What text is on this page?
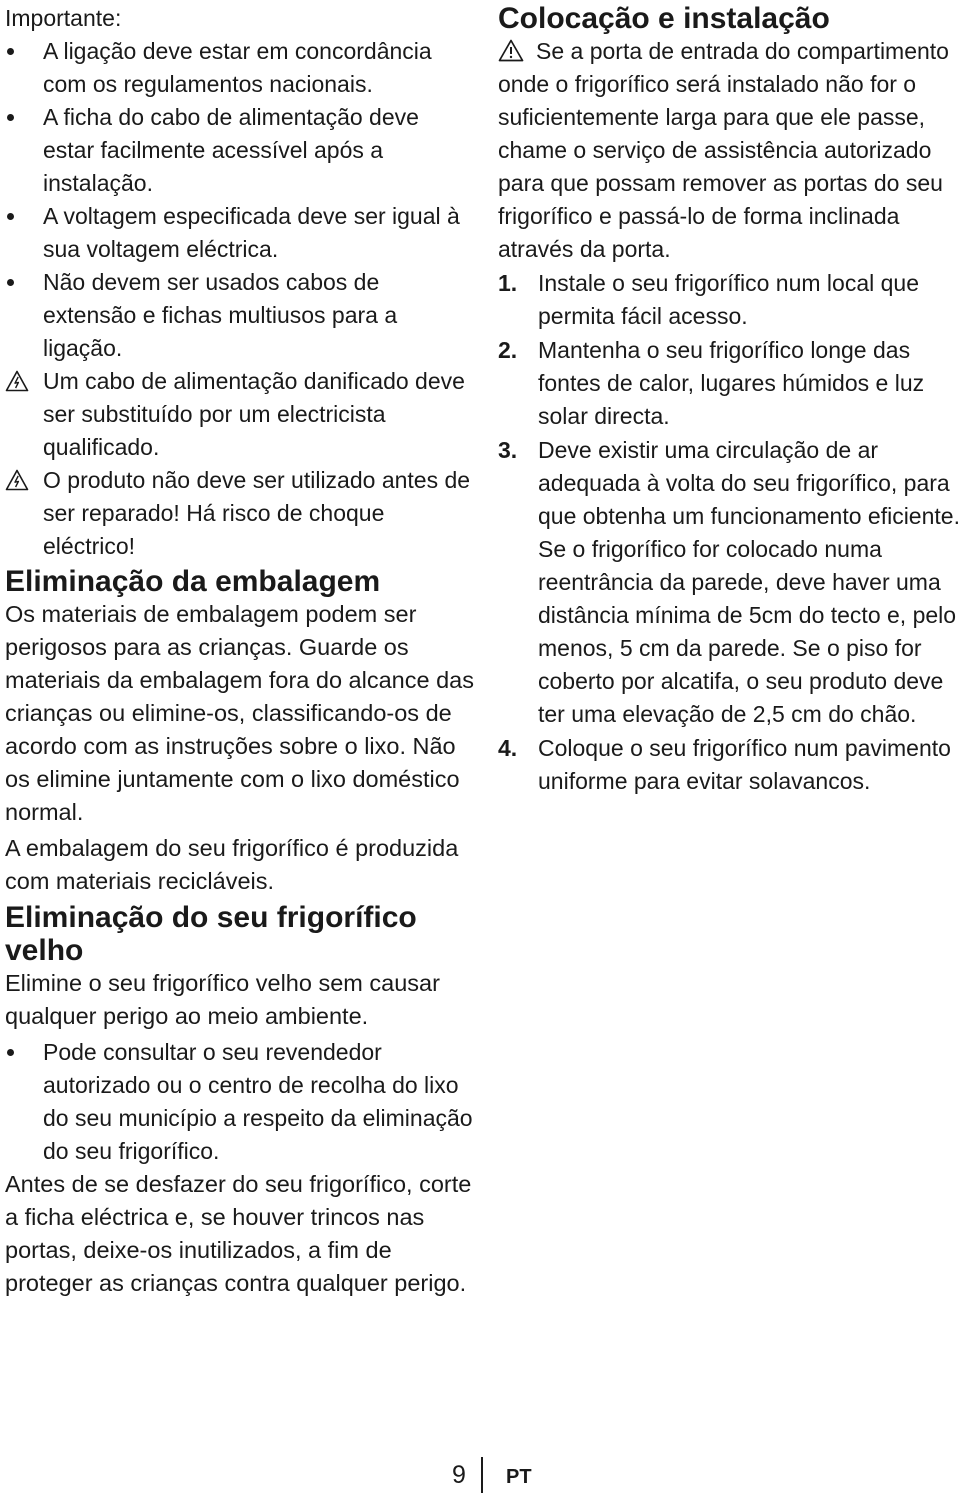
Importante:

A ligação deve estar em concordância com os regulamentos nacionais.
A ficha do cabo de alimentação deve estar facilmente acessível após a instalação.
A voltagem especificada deve ser igual à sua voltagem eléctrica.
Não devem ser usados cabos de extensão e fichas multiusos para a ligação.
Um cabo de alimentação danificado deve ser substituído por um electricista qualificado.
O produto não deve ser utilizado antes de ser reparado! Há risco de choque eléctrico!

Eliminação da embalagem

Os materiais de embalagem podem ser perigosos para as crianças. Guarde os materiais da embalagem fora do alcance das crianças ou elimine-os, classificando-os de acordo com as instruções sobre o lixo. Não os elimine juntamente com o lixo doméstico normal.

A embalagem do seu frigorífico é produzida com materiais recicláveis.

Eliminação do seu frigorífico velho

Elimine o seu frigorífico velho sem causar qualquer perigo ao meio ambiente.

Pode consultar o seu revendedor autorizado ou o centro de recolha do lixo do seu município a respeito da eliminação do seu frigorífico.

Antes de se desfazer do seu frigorífico, corte a ficha eléctrica e, se houver trincos nas portas, deixe-os inutilizados, a fim de proteger as crianças contra qualquer perigo.

Colocação e instalação

Se a porta de entrada do compartimento onde o frigorífico será instalado não for o suficientemente larga para que ele passe, chame o serviço de assistência autorizado para que possam remover as portas do seu frigorífico e passá-lo de forma inclinada através da porta.

1. Instale o seu frigorífico num local que permita fácil acesso.
2. Mantenha o seu frigorífico longe das fontes de calor, lugares húmidos e luz solar directa.
3. Deve existir uma circulação de ar adequada à volta do seu frigorífico, para que obtenha um funcionamento eficiente. Se o frigorífico for colocado numa reentrância da parede, deve haver uma distância mínima de 5cm do tecto e, pelo menos, 5 cm da parede. Se o piso for coberto por alcatifa, o seu produto deve ter uma elevação de 2,5 cm do chão.
4. Coloque o seu frigorífico num pavimento uniforme para evitar solavancos.
9 PT
